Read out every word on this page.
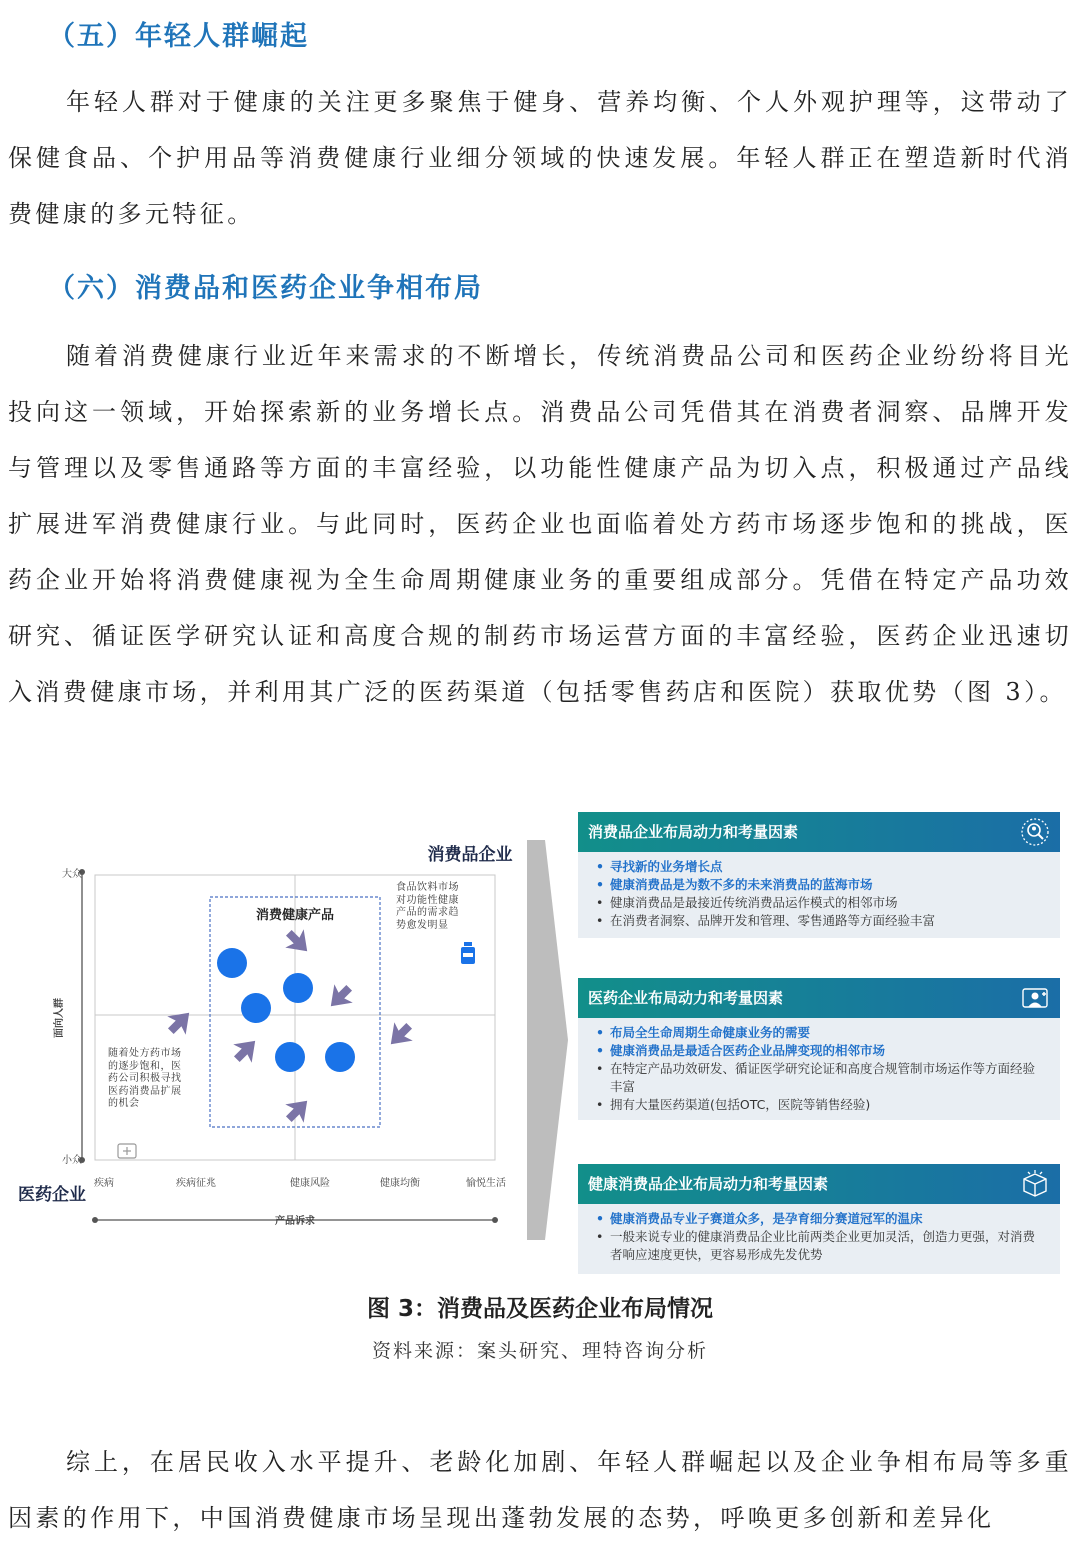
（五）年轻人群崛起

年轻人群对于健康的关注更多聚焦于健身、营养均衡、个人外观护理等，这带动了保健食品、个护用品等消费健康行业细分领域的快速发展。年轻人群正在塑造新时代消费健康的多元特征。

（六）消费品和医药企业争相布局

随着消费健康行业近年来需求的不断增长，传统消费品公司和医药企业纷纷将目光投向这一领域，开始探索新的业务增长点。消费品公司凭借其在消费者洞察、品牌开发与管理以及零售通路等方面的丰富经验，以功能性健康产品为切入点，积极通过产品线扩展进军消费健康行业。与此同时，医药企业也面临着处方药市场逐步饱和的挑战，医药企业开始将消费健康视为全生命周期健康业务的重要组成部分。凭借在特定产品功效研究、循证医学研究认证和高度合规的制药市场运营方面的丰富经验，医药企业迅速切入消费健康市场，并利用其广泛的医药渠道（包括零售药店和医院）获取优势（图 3）。

大众
小众
面向人群
产品诉求
疾病	疾病征兆	健康风险	健康均衡	愉悦生活
消费品企业
医药企业
消费健康产品
食品饮料市场对功能性健康产品的需求趋势愈发明显
随着处方药市场的逐步饱和，医药公司积极寻找医药消费品扩展的机会
消费品企业布局动力和考量因素
• 寻找新的业务增长点
• 健康消费品是为数不多的未来消费品的蓝海市场
• 健康消费品是最接近传统消费品运作模式的相邻市场
• 在消费者洞察、品牌开发和管理、零售通路等方面经验丰富
医药企业布局动力和考量因素
• 布局全生命周期生命健康业务的需要
• 健康消费品是最适合医药企业品牌变现的相邻市场
• 在特定产品功效研发、循证医学研究论证和高度合规管制市场运作等方面经验丰富
• 拥有大量医药渠道(包括OTC，医院等销售经验)
健康消费品企业布局动力和考量因素
• 健康消费品专业子赛道众多，是孕育细分赛道冠军的温床
• 一般来说专业的健康消费品企业比前两类企业更加灵活，创造力更强，对消费者响应速度更快，更容易形成先发优势
图 3：消费品及医药企业布局情况
资料来源：案头研究、理特咨询分析

综上，在居民收入水平提升、老龄化加剧、年轻人群崛起以及企业争相布局等多重因素的作用下，中国消费健康市场呈现出蓬勃发展的态势，呼唤更多创新和差异化
